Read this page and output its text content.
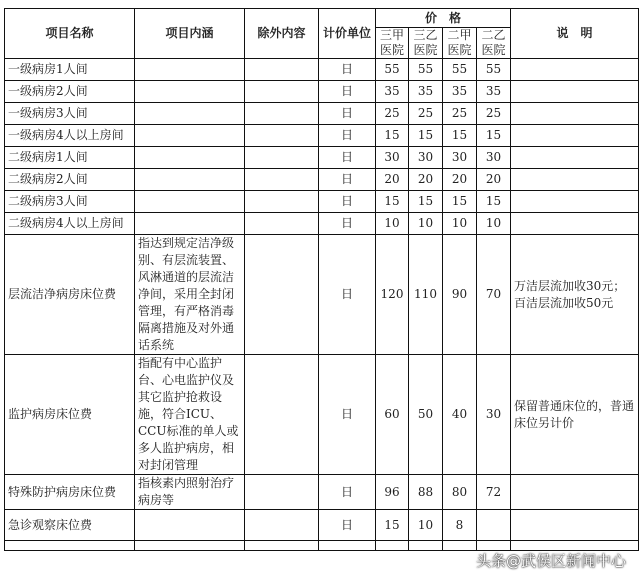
项目名称	项目内涵	除外内容	计价单位	价　格				说　明
				三甲医院	三乙医院	二甲医院	二乙医院	
一级病房1人间			日	55	55	55	55	
一级病房2人间			日	35	35	35	35	
一级病房3人间			日	25	25	25	25	
一级病房4人以上房间			日	15	15	15	15	
二级病房1人间			日	30	30	30	30	
二级病房2人间			日	20	20	20	20	
二级病房3人间			日	15	15	15	15	
二级病房4人以上房间			日	10	10	10	10	
层流洁净病房床位费	指达到规定洁净级别、有层流装置、风淋通道的层流洁净间，采用全封闭管理，有严格消毒隔离措施及对外通话系统		日	120	110	90	70	万洁层流加收30元；百洁层流加收50元
监护病房床位费	指配有中心监护台、心电监护仪及其它监护抢救设施，符合ICU、CCU标准的单人或多人监护病房，相对封闭管理		日	60	50	40	30	保留普通床位的，普通床位另计价
特殊防护病房床位费	指核素内照射治疗病房等		日	96	88	80	72	
急诊观察床位费			日	15	10	8		

头条@武侯区新闻中心
